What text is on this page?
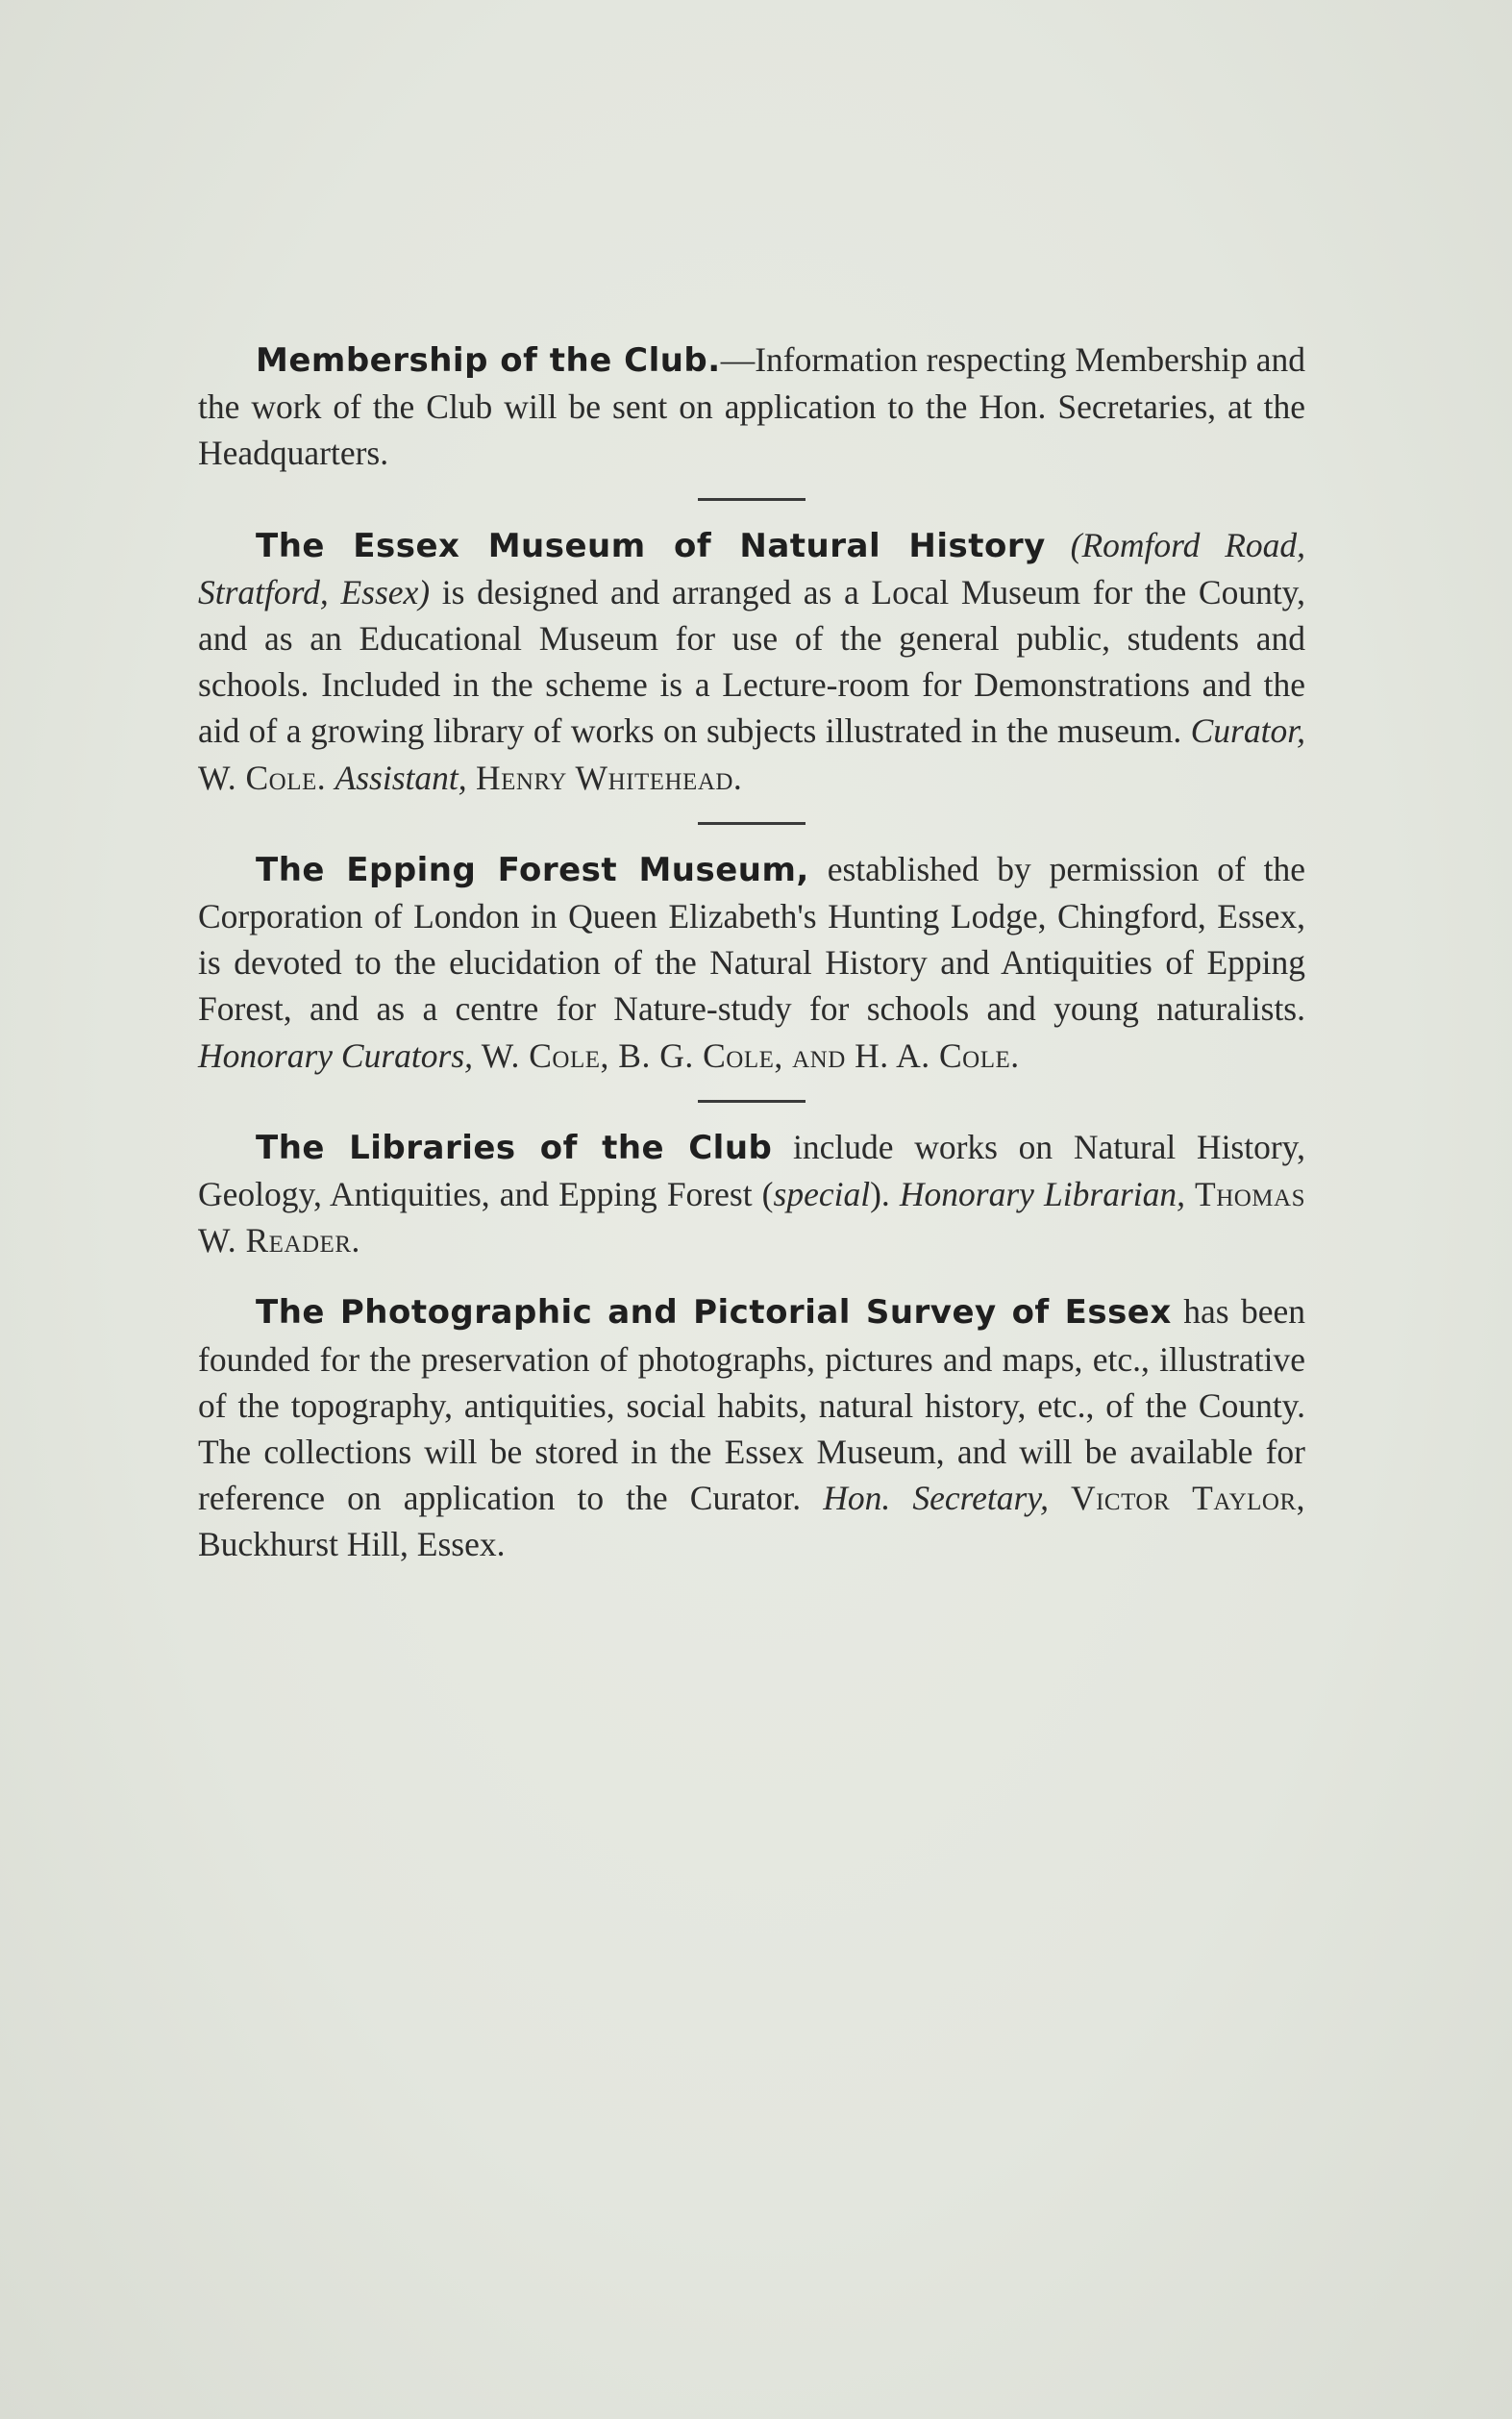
Membership of the Club.—Information respecting Membership and the work of the Club will be sent on application to the Hon. Secretaries, at the Headquarters.

The Essex Museum of Natural History (Romford Road, Stratford, Essex) is designed and arranged as a Local Museum for the County, and as an Educational Museum for use of the general public, students and schools. Included in the scheme is a Lecture-room for Demonstrations and the aid of a growing library of works on subjects illustrated in the museum. Curator, W. Cole. Assistant, Henry Whitehead.

The Epping Forest Museum, established by permission of the Corporation of London in Queen Elizabeth's Hunting Lodge, Chingford, Essex, is devoted to the elucidation of the Natural History and Antiquities of Epping Forest, and as a centre for Nature-study for schools and young naturalists. Honorary Curators, W. Cole, B. G. Cole, and H. A. Cole.

The Libraries of the Club include works on Natural History, Geology, Antiquities, and Epping Forest (special). Honorary Librarian, Thomas W. Reader.

The Photographic and Pictorial Survey of Essex has been founded for the preservation of photographs, pictures and maps, etc., illustrative of the topography, antiquities, social habits, natural history, etc., of the County. The collections will be stored in the Essex Museum, and will be available for reference on application to the Curator. Hon. Secretary, Victor Taylor, Buckhurst Hill, Essex.
